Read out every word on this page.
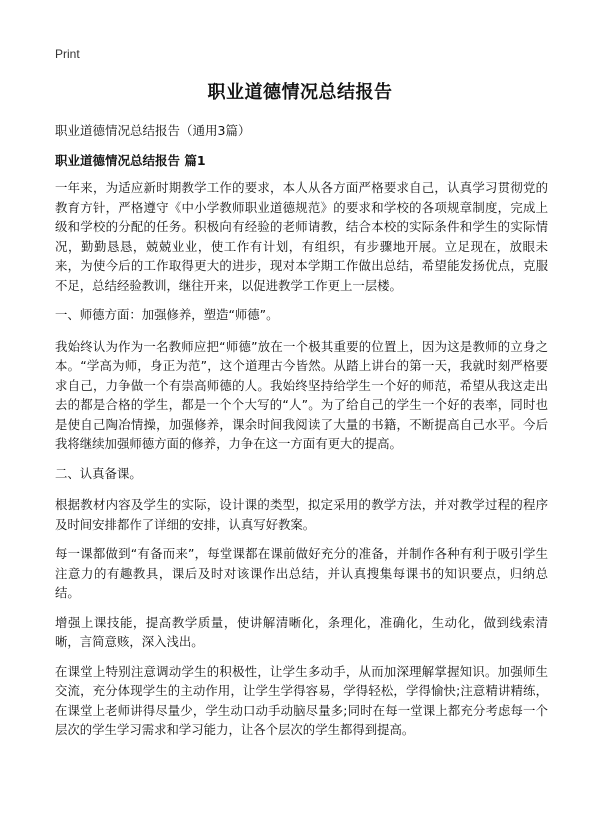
Print
职业道德情况总结报告

职业道德情况总结报告（通用3篇）

职业道德情况总结报告 篇1

一年来，为适应新时期教学工作的要求，本人从各方面严格要求自己，认真学习贯彻党的教育方针，严格遵守《中小学教师职业道德规范》的要求和学校的各项规章制度，完成上级和学校的分配的任务。积极向有经验的老师请教，结合本校的实际条件和学生的实际情况，勤勤恳恳，兢兢业业，使工作有计划，有组织，有步骤地开展。立足现在，放眼未来，为使今后的工作取得更大的进步，现对本学期工作做出总结，希望能发扬优点，克服不足，总结经验教训，继往开来，以促进教学工作更上一层楼。

一、师德方面：加强修养，塑造“师德”。

我始终认为作为一名教师应把“师德”放在一个极其重要的位置上，因为这是教师的立身之本。“学高为师，身正为范”，这个道理古今皆然。从踏上讲台的第一天，我就时刻严格要求自己，力争做一个有崇高师德的人。我始终坚持给学生一个好的师范，希望从我这走出去的都是合格的学生，都是一个个大写的“人”。为了给自己的学生一个好的表率，同时也是使自己陶冶情操，加强修养，课余时间我阅读了大量的书籍，不断提高自己水平。今后我将继续加强师德方面的修养，力争在这一方面有更大的提高。

二、认真备课。

根据教材内容及学生的实际，设计课的类型，拟定采用的教学方法，并对教学过程的程序及时间安排都作了详细的安排，认真写好教案。

每一课都做到“有备而来”，每堂课都在课前做好充分的准备，并制作各种有利于吸引学生注意力的有趣教具，课后及时对该课作出总结，并认真搜集每课书的知识要点，归纳总结。

增强上课技能，提高教学质量，使讲解清晰化，条理化，准确化，生动化，做到线索清晰，言简意赅，深入浅出。

在课堂上特别注意调动学生的积极性，让学生多动手，从而加深理解掌握知识。加强师生交流，充分体现学生的主动作用，让学生学得容易，学得轻松，学得愉快;注意精讲精练，在课堂上老师讲得尽量少，学生动口动手动脑尽量多;同时在每一堂课上都充分考虑每一个层次的学生学习需求和学习能力，让各个层次的学生都得到提高。
